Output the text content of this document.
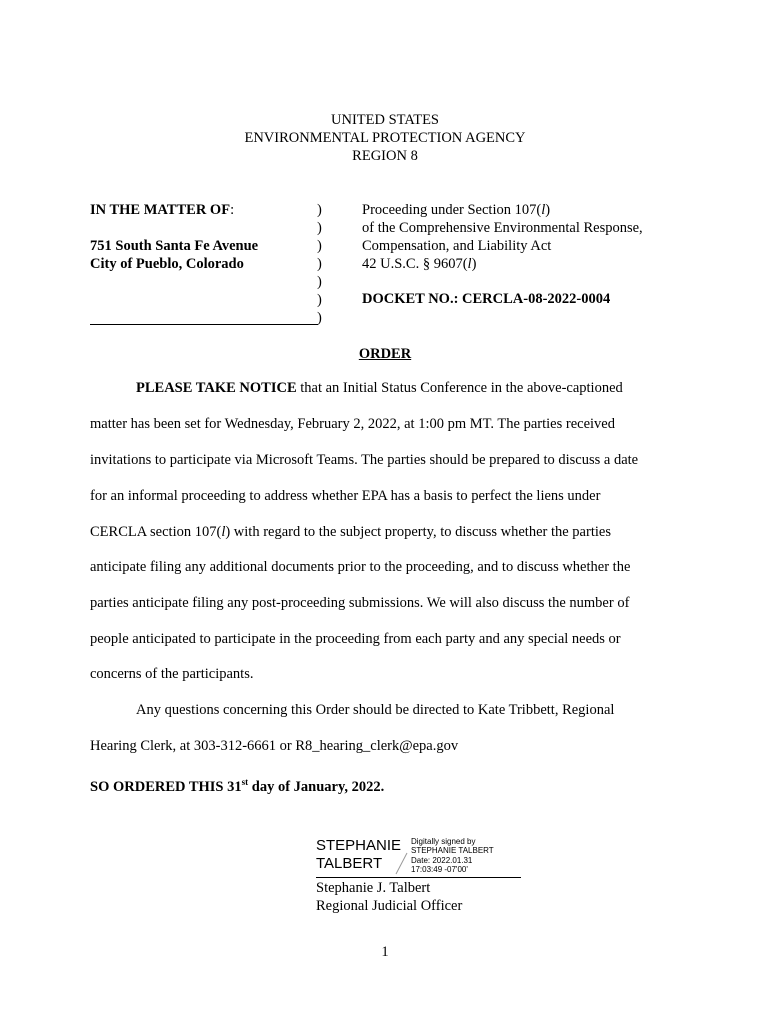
UNITED STATES
ENVIRONMENTAL PROTECTION AGENCY
REGION 8
IN THE MATTER OF:
751 South Santa Fe Avenue
City of Pueblo, Colorado
)
)
)
)
)
)
)
Proceeding under Section 107(l)
of the Comprehensive Environmental Response,
Compensation, and Liability Act
42 U.S.C. § 9607(l)
DOCKET NO.: CERCLA-08-2022-0004
ORDER
PLEASE TAKE NOTICE that an Initial Status Conference in the above-captioned
matter has been set for Wednesday, February 2, 2022, at 1:00 pm MT. The parties received
invitations to participate via Microsoft Teams. The parties should be prepared to discuss a date
for an informal proceeding to address whether EPA has a basis to perfect the liens under
CERCLA section 107(l) with regard to the subject property, to discuss whether the parties
anticipate filing any additional documents prior to the proceeding, and to discuss whether the
parties anticipate filing any post-proceeding submissions. We will also discuss the number of
people anticipated to participate in the proceeding from each party and any special needs or
concerns of the participants.
Any questions concerning this Order should be directed to Kate Tribbett, Regional
Hearing Clerk, at 303-312-6661 or R8_hearing_clerk@epa.gov
SO ORDERED THIS 31st day of January, 2022.
STEPHANIE
TALBERT
Digitally signed by
STEPHANIE TALBERT
Date: 2022.01.31
17:03:49 -07'00'
Stephanie J. Talbert
Regional Judicial Officer
1
